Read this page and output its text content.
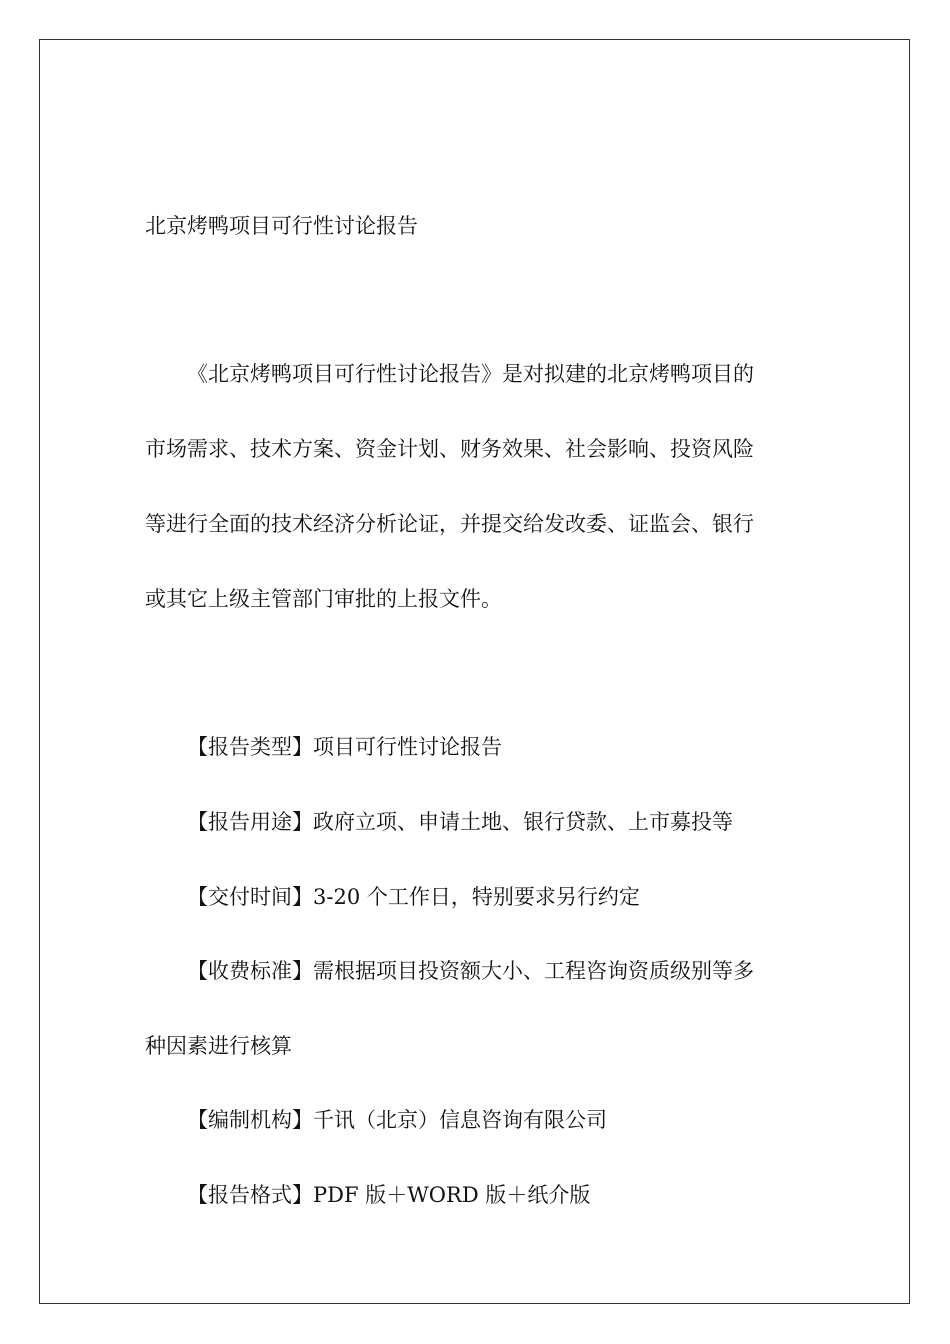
北京烤鸭项目可行性讨论报告
《北京烤鸭项目可行性讨论报告》是对拟建的北京烤鸭项目的
市场需求、技术方案、资金计划、财务效果、社会影响、投资风险
等进行全面的技术经济分析论证，并提交给发改委、证监会、银行
或其它上级主管部门审批的上报文件。
【报告类型】项目可行性讨论报告
【报告用途】政府立项、申请土地、银行贷款、上市募投等
【交付时间】3-20 个工作日，特别要求另行约定
【收费标准】需根据项目投资额大小、工程咨询资质级别等多
种因素进行核算
【编制机构】千讯（北京）信息咨询有限公司
【报告格式】PDF 版＋WORD 版＋纸介版
